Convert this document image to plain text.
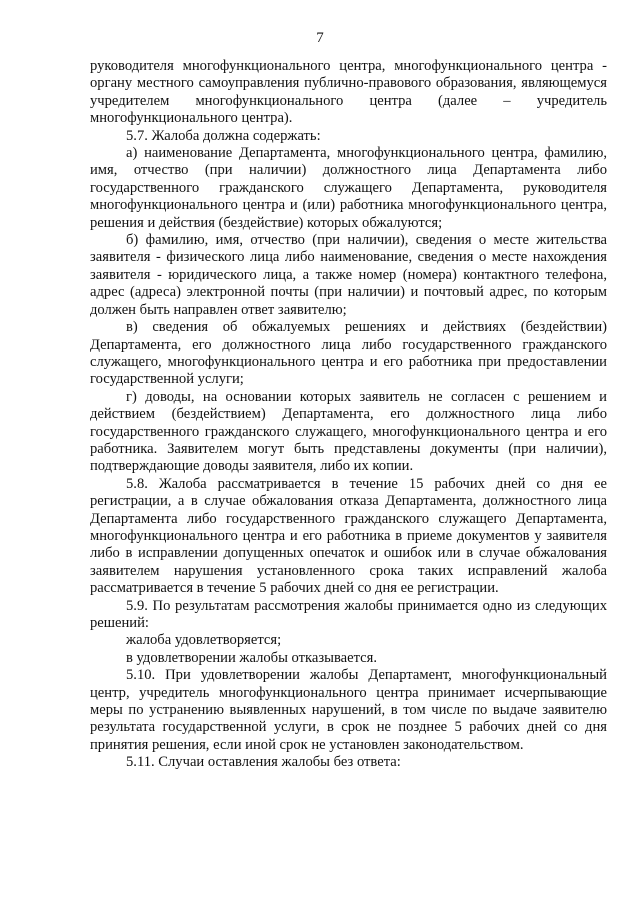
7

руководителя многофункционального центра, многофункционального центра - органу местного самоуправления публично-правового образования, являющемуся учредителем многофункционального центра (далее – учредитель многофункционального центра).

5.7. Жалоба должна содержать:

а) наименование Департамента, многофункционального центра, фамилию, имя, отчество (при наличии) должностного лица Департамента либо государственного гражданского служащего Департамента, руководителя многофункционального центра и (или) работника многофункционального центра, решения и действия (бездействие) которых обжалуются;

б) фамилию, имя, отчество (при наличии), сведения о месте жительства заявителя - физического лица либо наименование, сведения о месте нахождения заявителя - юридического лица, а также номер (номера) контактного телефона, адрес (адреса) электронной почты (при наличии) и почтовый адрес, по которым должен быть направлен ответ заявителю;

в) сведения об обжалуемых решениях и действиях (бездействии) Департамента, его должностного лица либо государственного гражданского служащего, многофункционального центра и его работника при предоставлении государственной услуги;

г) доводы, на основании которых заявитель не согласен с решением и действием (бездействием) Департамента, его должностного лица либо государственного гражданского служащего, многофункционального центра и его работника. Заявителем могут быть представлены документы (при наличии), подтверждающие доводы заявителя, либо их копии.

5.8. Жалоба рассматривается в течение 15 рабочих дней со дня ее регистрации, а в случае обжалования отказа Департамента, должностного лица Департамента либо государственного гражданского служащего Департамента, многофункционального центра и его работника в приеме документов у заявителя либо в исправлении допущенных опечаток и ошибок или в случае обжалования заявителем нарушения установленного срока таких исправлений жалоба рассматривается в течение 5 рабочих дней со дня ее регистрации.

5.9. По результатам рассмотрения жалобы принимается одно из следующих решений:

жалоба удовлетворяется;

в удовлетворении жалобы отказывается.

5.10. При удовлетворении жалобы Департамент, многофункциональный центр, учредитель многофункционального центра принимает исчерпывающие меры по устранению выявленных нарушений, в том числе по выдаче заявителю результата государственной услуги, в срок не позднее 5 рабочих дней со дня принятия решения, если иной срок не установлен законодательством.

5.11. Случаи оставления жалобы без ответа:
